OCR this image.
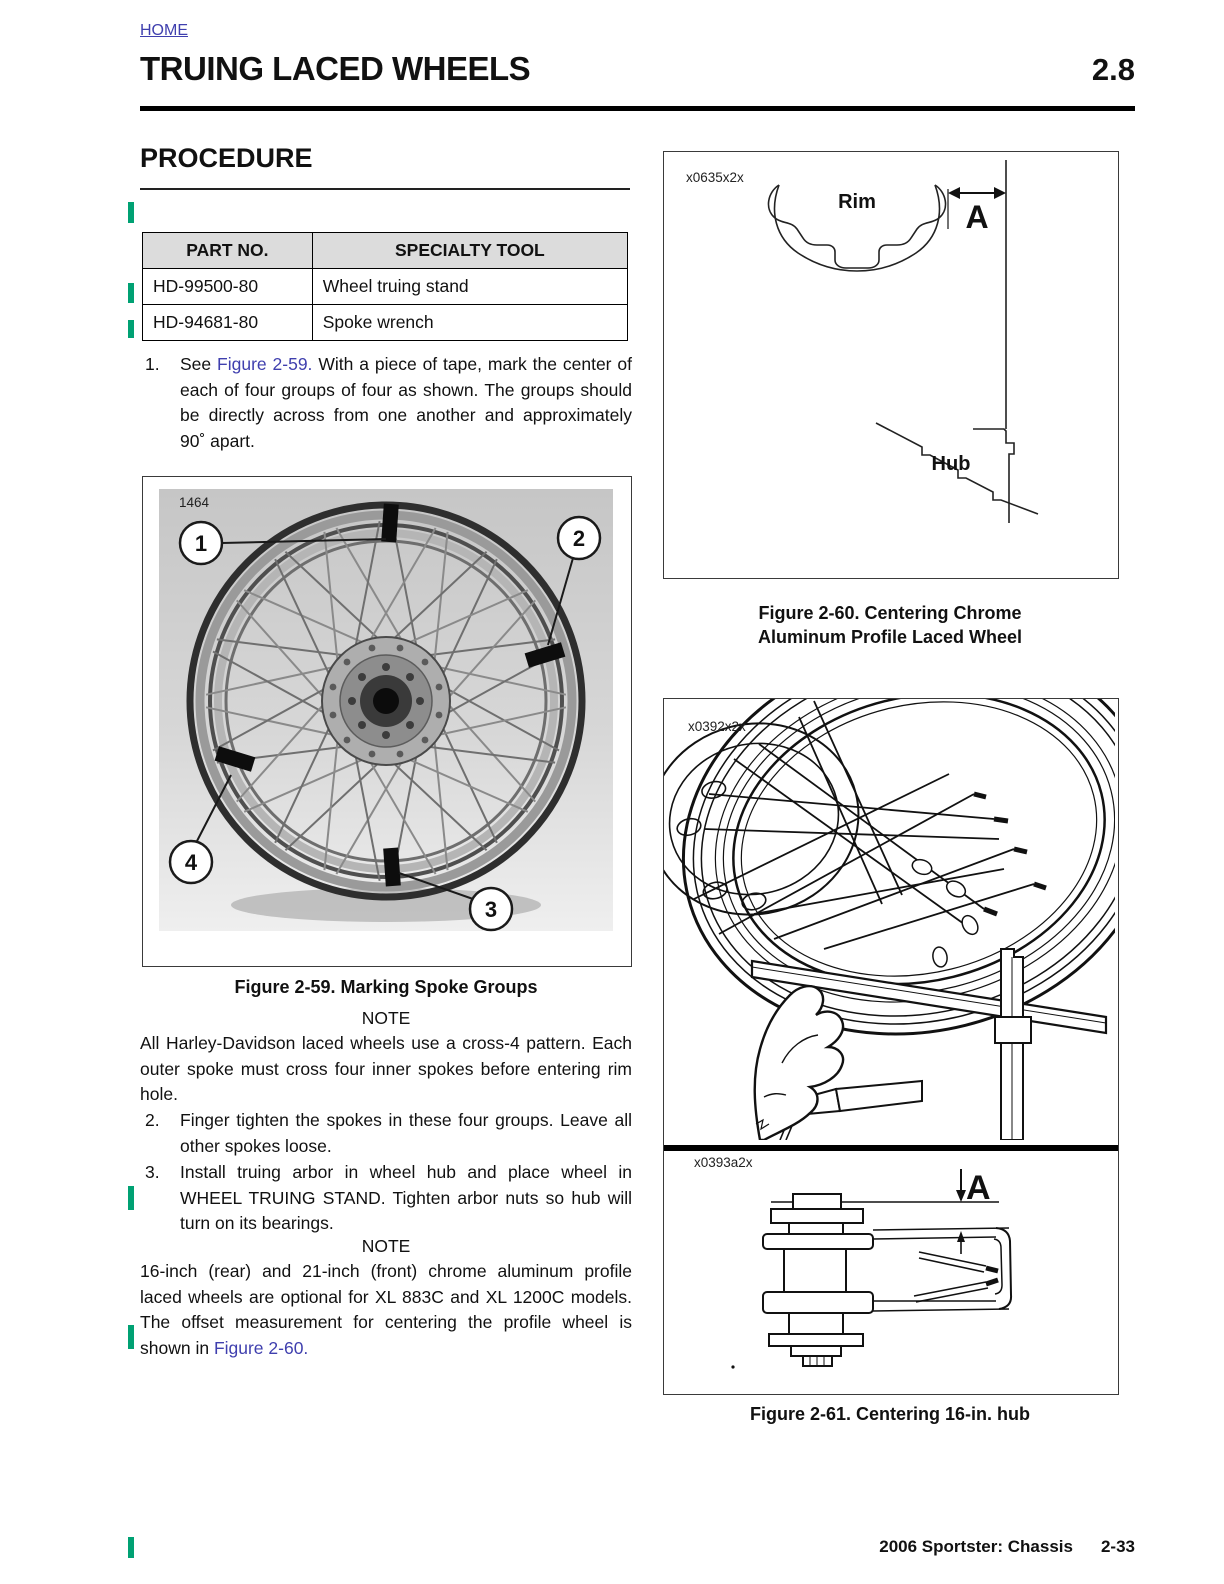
HOME
TRUING LACED WHEELS	2.8
PROCEDURE
PART NO.	SPECIALTY TOOL
HD-99500-80	Wheel truing stand
HD-94681-80	Spoke wrench
1. See Figure 2-59. With a piece of tape, mark the center of each of four groups of four as shown. The groups should be directly across from one another and approximately 90˚ apart.
1	2
3
4
1464
Figure 2-59. Marking Spoke Groups
NOTE
All Harley-Davidson laced wheels use a cross-4 pattern. Each outer spoke must cross four inner spokes before entering rim hole.
2. Finger tighten the spokes in these four groups. Leave all other spokes loose.
3. Install truing arbor in wheel hub and place wheel in WHEEL TRUING STAND. Tighten arbor nuts so hub will turn on its bearings.
NOTE
16-inch (rear) and 21-inch (front) chrome aluminum profile laced wheels are optional for XL 883C and XL 1200C models. The offset measurement for centering the profile wheel is shown in Figure 2-60.
x0635x2x
Rim	A
Hub
Figure 2-60. Centering Chrome
Aluminum Profile Laced Wheel
x0392x2x
x0393a2x
A
Figure 2-61. Centering 16-in. hub
2006 Sportster: Chassis 2-33
